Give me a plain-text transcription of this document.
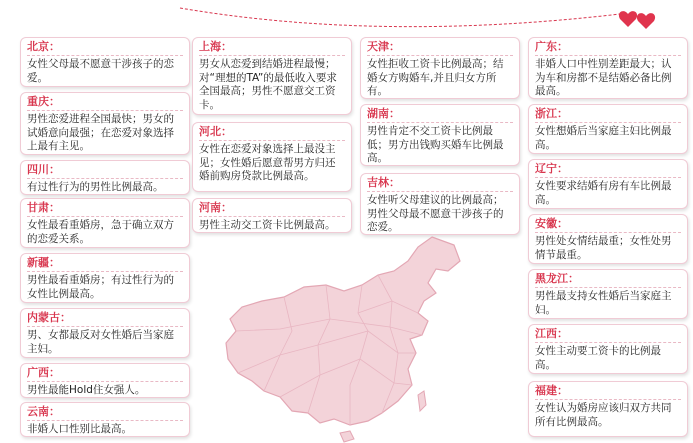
北京：
女性父母最不愿意干涉孩子的恋爱。
重庆：
男性恋爱进程全国最快；男女的试婚意向最强；在恋爱对象选择上最有主见。
四川：
有过性行为的男性比例最高。
甘肃：
女性最看重婚房，急于确立双方的恋爱关系。
新疆：
男性最看重婚房；有过性行为的女性比例最高。
内蒙古：
男、女都最反对女性婚后当家庭主妇。
广西：
男性最能Hold住女强人。
云南：
非婚人口性别比最高。
上海：
男女从恋爱到结婚进程最慢；对“理想的TA”的最低收入要求全国最高；男性不愿意交工资卡。
河北：
女性在恋爱对象选择上最没主见；女性婚后愿意帮男方归还婚前购房贷款比例最高。
河南：
男性主动交工资卡比例最高。
天津：
女性拒收工资卡比例最高；结婚女方购婚车,并且归女方所有。
湖南：
男性肯定不交工资卡比例最低；男方出钱购买婚车比例最高。
吉林：
女性听父母建议的比例最高；男性父母最不愿意干涉孩子的恋爱。
广东：
非婚人口中性别差距最大；认为车和房都不是结婚必备比例最高。
浙江：
女性想婚后当家庭主妇比例最高。
辽宁：
女性要求结婚有房有车比例最高。
安徽：
男性处女情结最重；女性处男情节最重。
黑龙江：
男性最支持女性婚后当家庭主妇。
江西：
女性主动要工资卡的比例最高。
福建：
女性认为婚房应该归双方共同所有比例最高。
